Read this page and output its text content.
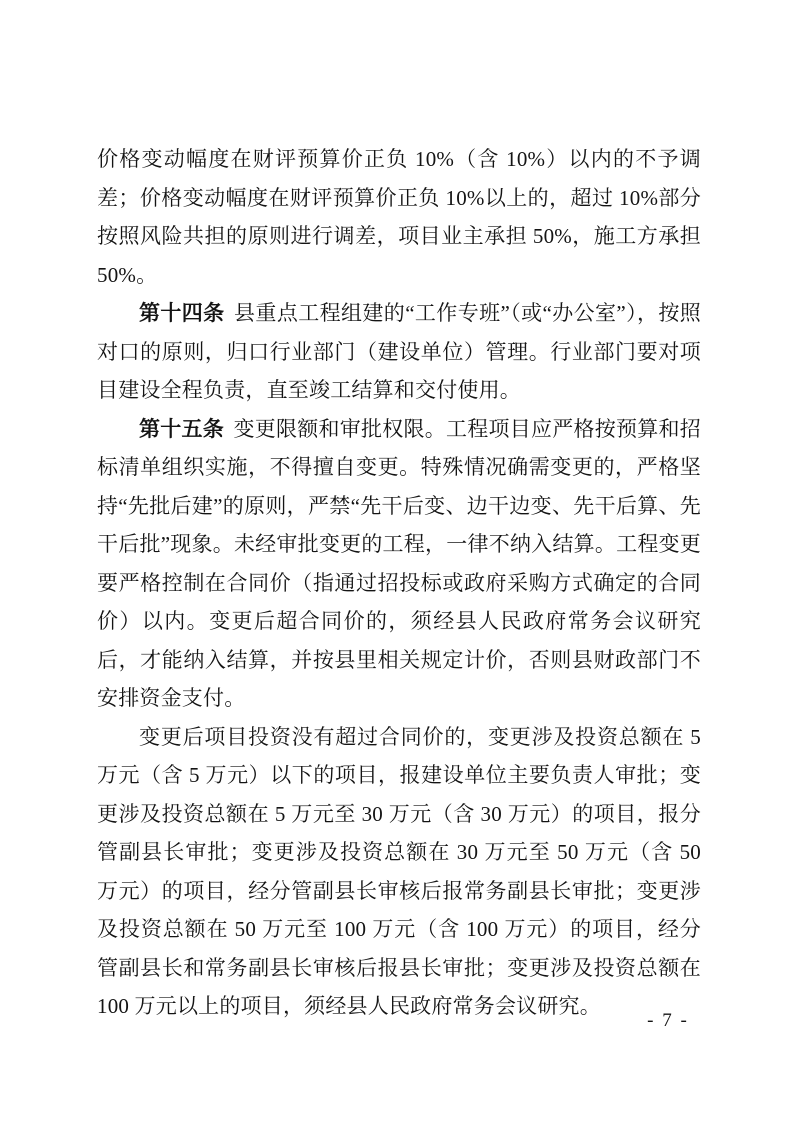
价格变动幅度在财评预算价正负 10%（含 10%）以内的不予调差；价格变动幅度在财评预算价正负 10%以上的，超过 10%部分按照风险共担的原则进行调差，项目业主承担 50%，施工方承担 50%。

第十四条 县重点工程组建的“工作专班”（或“办公室”），按照对口的原则，归口行业部门（建设单位）管理。行业部门要对项目建设全程负责，直至竣工结算和交付使用。

第十五条 变更限额和审批权限。工程项目应严格按预算和招标清单组织实施，不得擅自变更。特殊情况确需变更的，严格坚持“先批后建”的原则，严禁“先干后变、边干边变、先干后算、先干后批”现象。未经审批变更的工程，一律不纳入结算。工程变更要严格控制在合同价（指通过招投标或政府采购方式确定的合同价）以内。变更后超合同价的，须经县人民政府常务会议研究后，才能纳入结算，并按县里相关规定计价，否则县财政部门不安排资金支付。

变更后项目投资没有超过合同价的，变更涉及投资总额在 5 万元（含 5 万元）以下的项目，报建设单位主要负责人审批；变更涉及投资总额在 5 万元至 30 万元（含 30 万元）的项目，报分管副县长审批；变更涉及投资总额在 30 万元至 50 万元（含 50 万元）的项目，经分管副县长审核后报常务副县长审批；变更涉及投资总额在 50 万元至 100 万元（含 100 万元）的项目，经分管副县长和常务副县长审核后报县长审批；变更涉及投资总额在 100 万元以上的项目，须经县人民政府常务会议研究。

- 7 -
